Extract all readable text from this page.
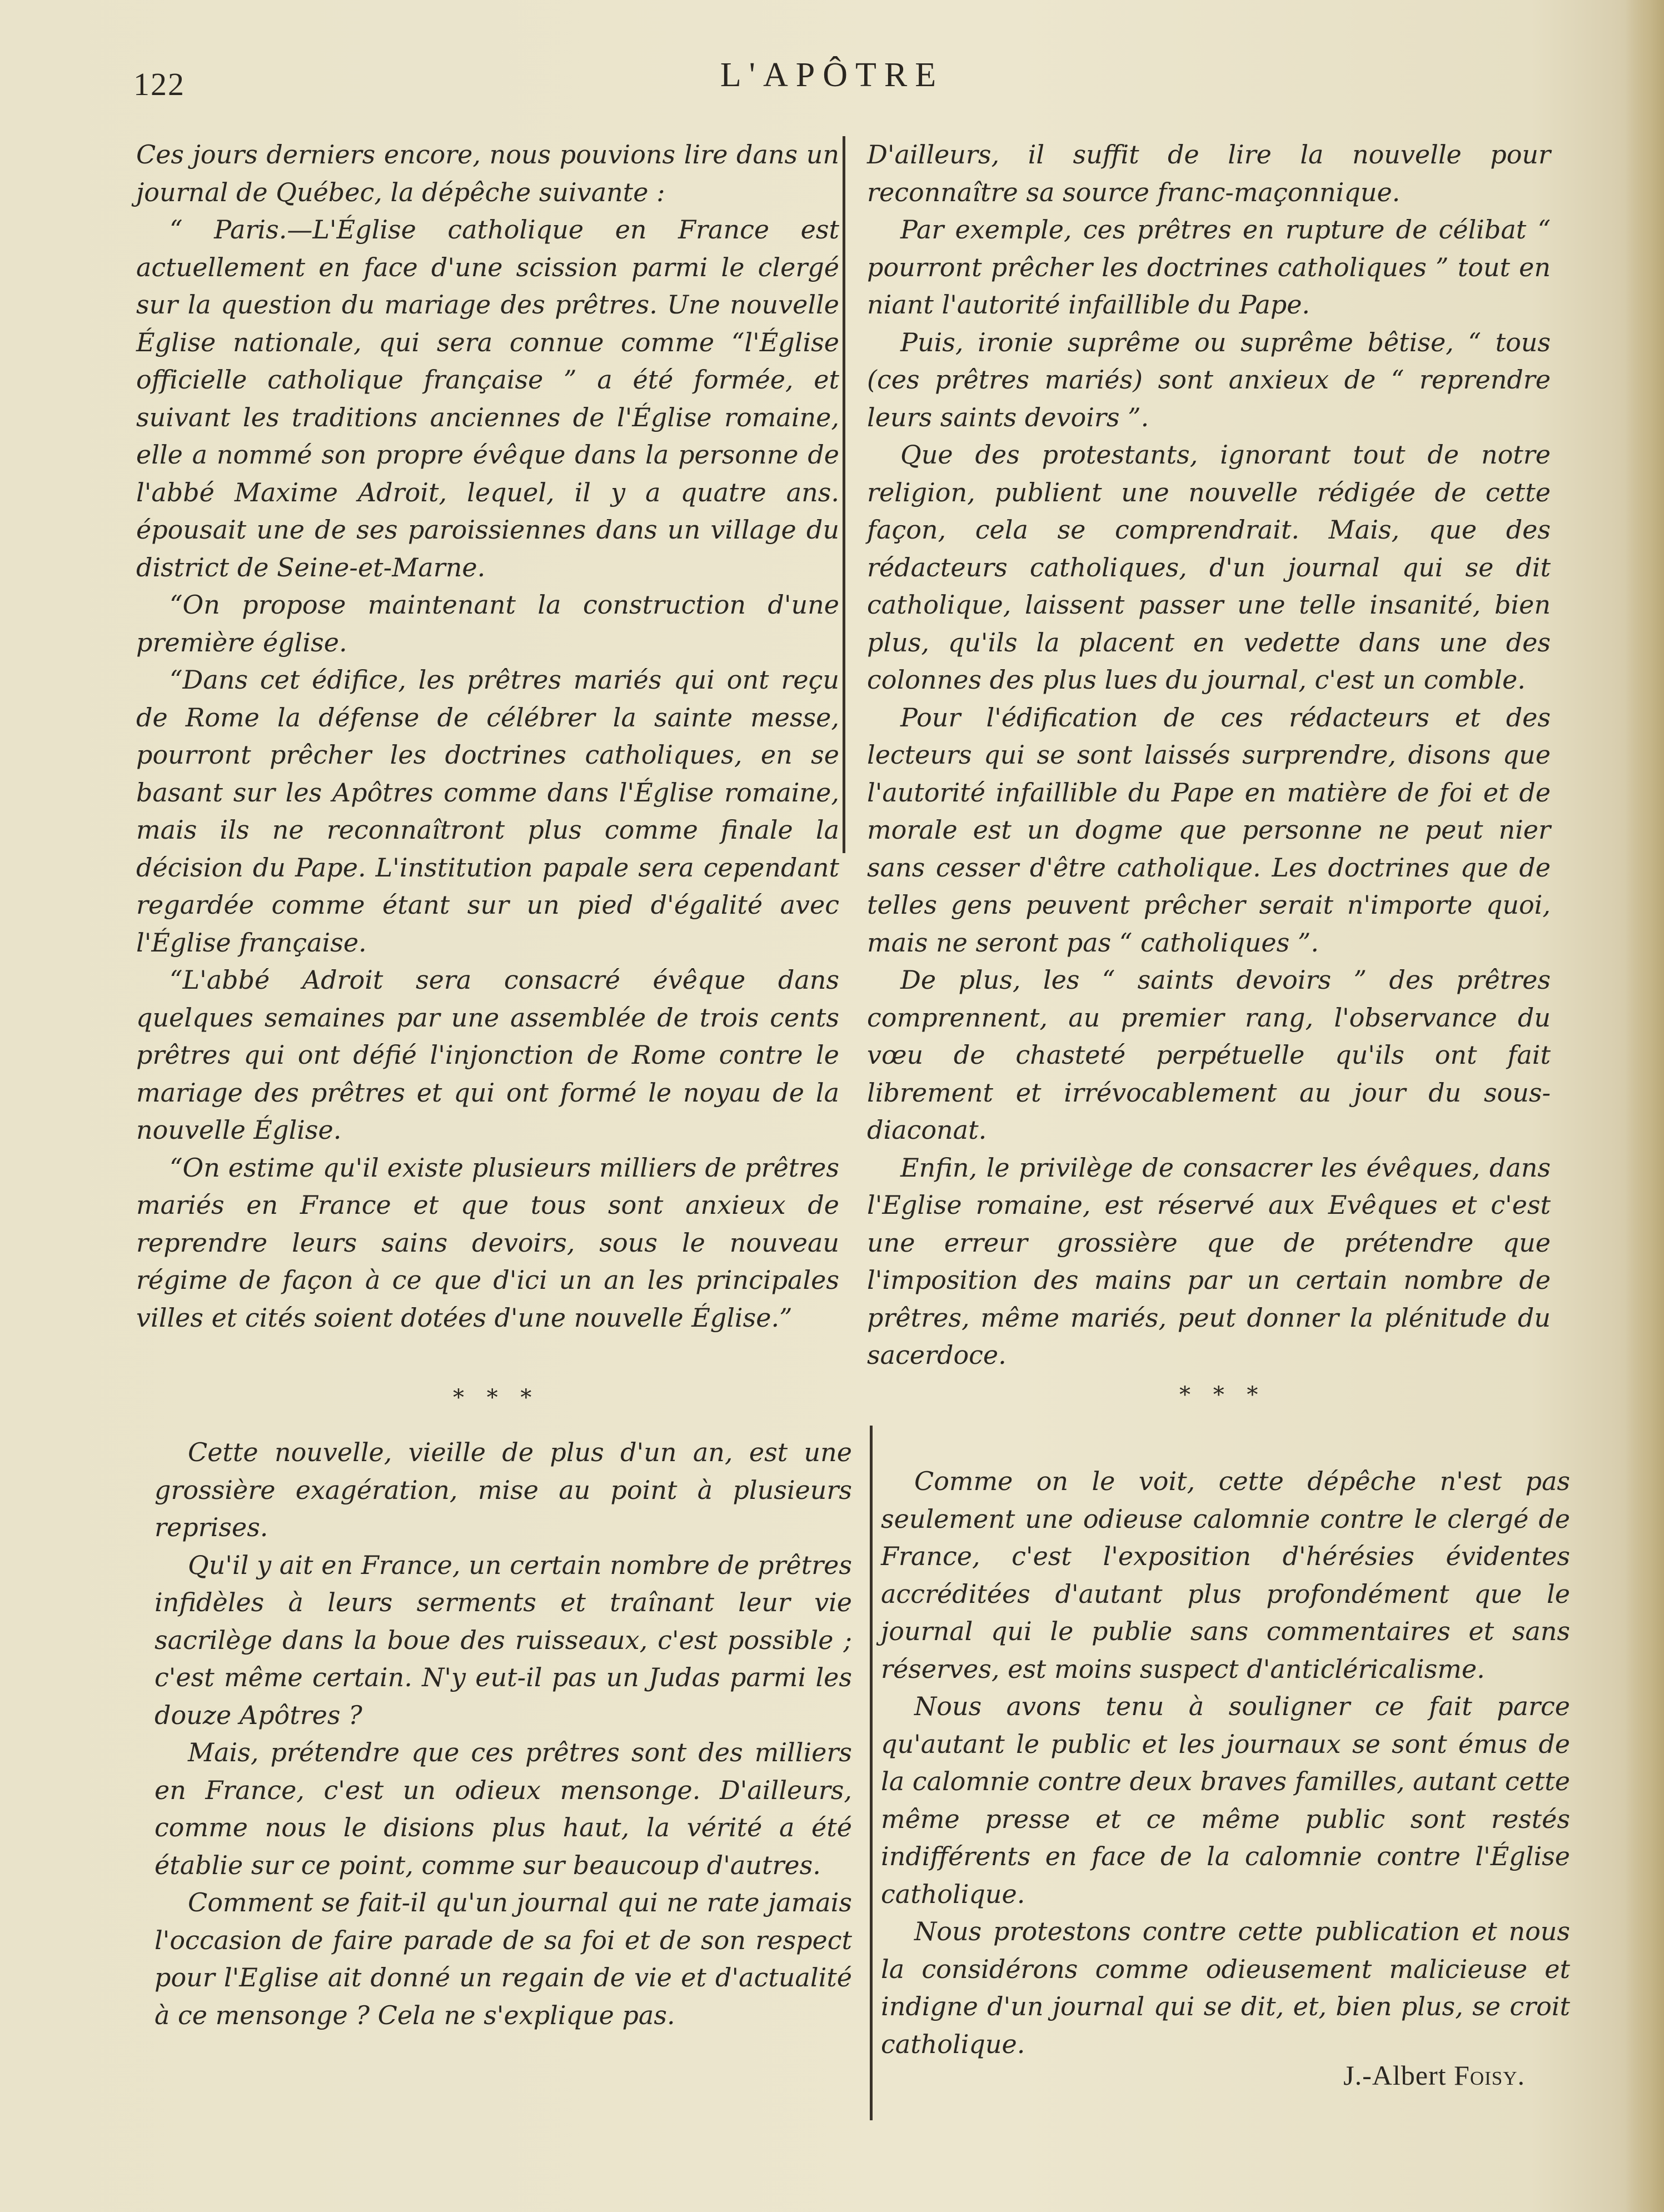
122	L'APÔTRE

Ces jours derniers encore, nous pouvions lire dans un journal de Québec, la dépêche suivante :

“ Paris.—L'Église catholique en France est actuellement en face d'une scission parmi le clergé sur la question du mariage des prêtres. Une nouvelle Église nationale, qui sera connue comme “l'Église officielle catholique française ” a été formée, et suivant les traditions anciennes de l'Église romaine, elle a nommé son propre évêque dans la personne de l'abbé Maxime Adroit, lequel, il y a quatre ans. épousait une de ses paroissiennes dans un village du district de Seine-et-Marne.

“On propose maintenant la construction d'une première église.

“Dans cet édifice, les prêtres mariés qui ont reçu de Rome la défense de célébrer la sainte messe, pourront prêcher les doctrines catholiques, en se basant sur les Apôtres comme dans l'Église romaine, mais ils ne reconnaîtront plus comme finale la décision du Pape. L'institution papale sera cependant regardée comme étant sur un pied d'égalité avec l'Église française.

“L'abbé Adroit sera consacré évêque dans quelques semaines par une assemblée de trois cents prêtres qui ont défié l'injonction de Rome contre le mariage des prêtres et qui ont formé le noyau de la nouvelle Église.

“On estime qu'il existe plusieurs milliers de prêtres mariés en France et que tous sont anxieux de reprendre leurs sains devoirs, sous le nouveau régime de façon à ce que d'ici un an les principales villes et cités soient dotées d'une nouvelle Église.”

* * *

Cette nouvelle, vieille de plus d'un an, est une grossière exagération, mise au point à plusieurs reprises.

Qu'il y ait en France, un certain nombre de prêtres infidèles à leurs serments et traînant leur vie sacrilège dans la boue des ruisseaux, c'est possible ; c'est même certain. N'y eut-il pas un Judas parmi les douze Apôtres ?

Mais, prétendre que ces prêtres sont des milliers en France, c'est un odieux mensonge. D'ailleurs, comme nous le disions plus haut, la vérité a été établie sur ce point, comme sur beaucoup d'autres.

Comment se fait-il qu'un journal qui ne rate jamais l'occasion de faire parade de sa foi et de son respect pour l'Eglise ait donné un regain de vie et d'actualité à ce mensonge ? Cela ne s'explique pas.

D'ailleurs, il suffit de lire la nouvelle pour reconnaître sa source franc-maçonnique.

Par exemple, ces prêtres en rupture de célibat “ pourront prêcher les doctrines catholiques ” tout en niant l'autorité infaillible du Pape.

Puis, ironie suprême ou suprême bêtise, “ tous (ces prêtres mariés) sont anxieux de “ reprendre leurs saints devoirs ”.

Que des protestants, ignorant tout de notre religion, publient une nouvelle rédigée de cette façon, cela se comprendrait. Mais, que des rédacteurs catholiques, d'un journal qui se dit catholique, laissent passer une telle insanité, bien plus, qu'ils la placent en vedette dans une des colonnes des plus lues du journal, c'est un comble.

Pour l'édification de ces rédacteurs et des lecteurs qui se sont laissés surprendre, disons que l'autorité infaillible du Pape en matière de foi et de morale est un dogme que personne ne peut nier sans cesser d'être catholique. Les doctrines que de telles gens peuvent prêcher serait n'importe quoi, mais ne seront pas “ catholiques ”.

De plus, les “ saints devoirs ” des prêtres comprennent, au premier rang, l'observance du vœu de chasteté perpétuelle qu'ils ont fait librement et irrévocablement au jour du sous-diaconat.

Enfin, le privilège de consacrer les évêques, dans l'Eglise romaine, est réservé aux Evêques et c'est une erreur grossière que de prétendre que l'imposition des mains par un certain nombre de prêtres, même mariés, peut donner la plénitude du sacerdoce.

* * *

Comme on le voit, cette dépêche n'est pas seulement une odieuse calomnie contre le clergé de France, c'est l'exposition d'hérésies évidentes accréditées d'autant plus profondément que le journal qui le publie sans commentaires et sans réserves, est moins suspect d'anticléricalisme.

Nous avons tenu à souligner ce fait parce qu'autant le public et les journaux se sont émus de la calomnie contre deux braves familles, autant cette même presse et ce même public sont restés indifférents en face de la calomnie contre l'Église catholique.

Nous protestons contre cette publication et nous la considérons comme odieusement malicieuse et indigne d'un journal qui se dit, et, bien plus, se croit catholique.

J.-Albert Foisy.
